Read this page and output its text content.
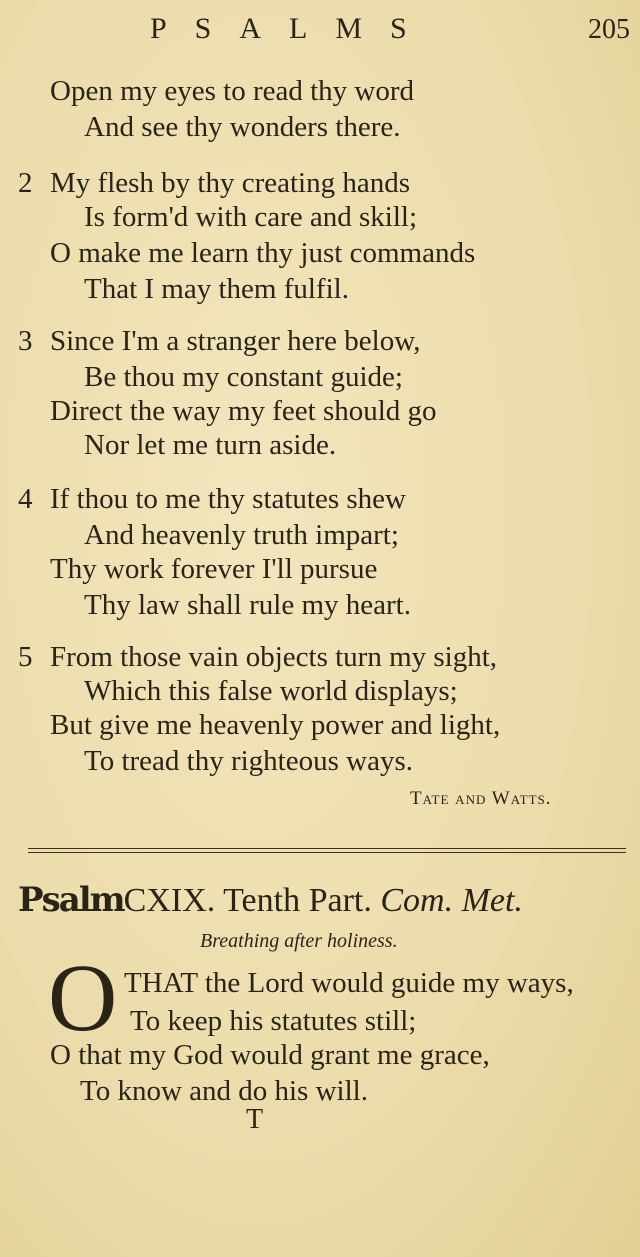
PSALMS	205
Open my eyes to read thy word
And see thy wonders there.
2 My flesh by thy creating hands
Is form'd with care and skill;
O make me learn thy just commands
That I may them fulfil.
3 Since I'm a stranger here below,
Be thou my constant guide;
Direct the way my feet should go
Nor let me turn aside.
4 If thou to me thy statutes shew
And heavenly truth impart;
Thy work forever I'll pursue
Thy law shall rule my heart.
5 From those vain objects turn my sight,
Which this false world displays;
But give me heavenly power and light,
To tread thy righteous ways.
Tate and Watts.
PsalmCXIX. Tenth Part. Com. Met.
Breathing after holiness.
O THAT the Lord would guide my ways,
To keep his statutes still;
O that my God would grant me grace,
To know and do his will.
T
